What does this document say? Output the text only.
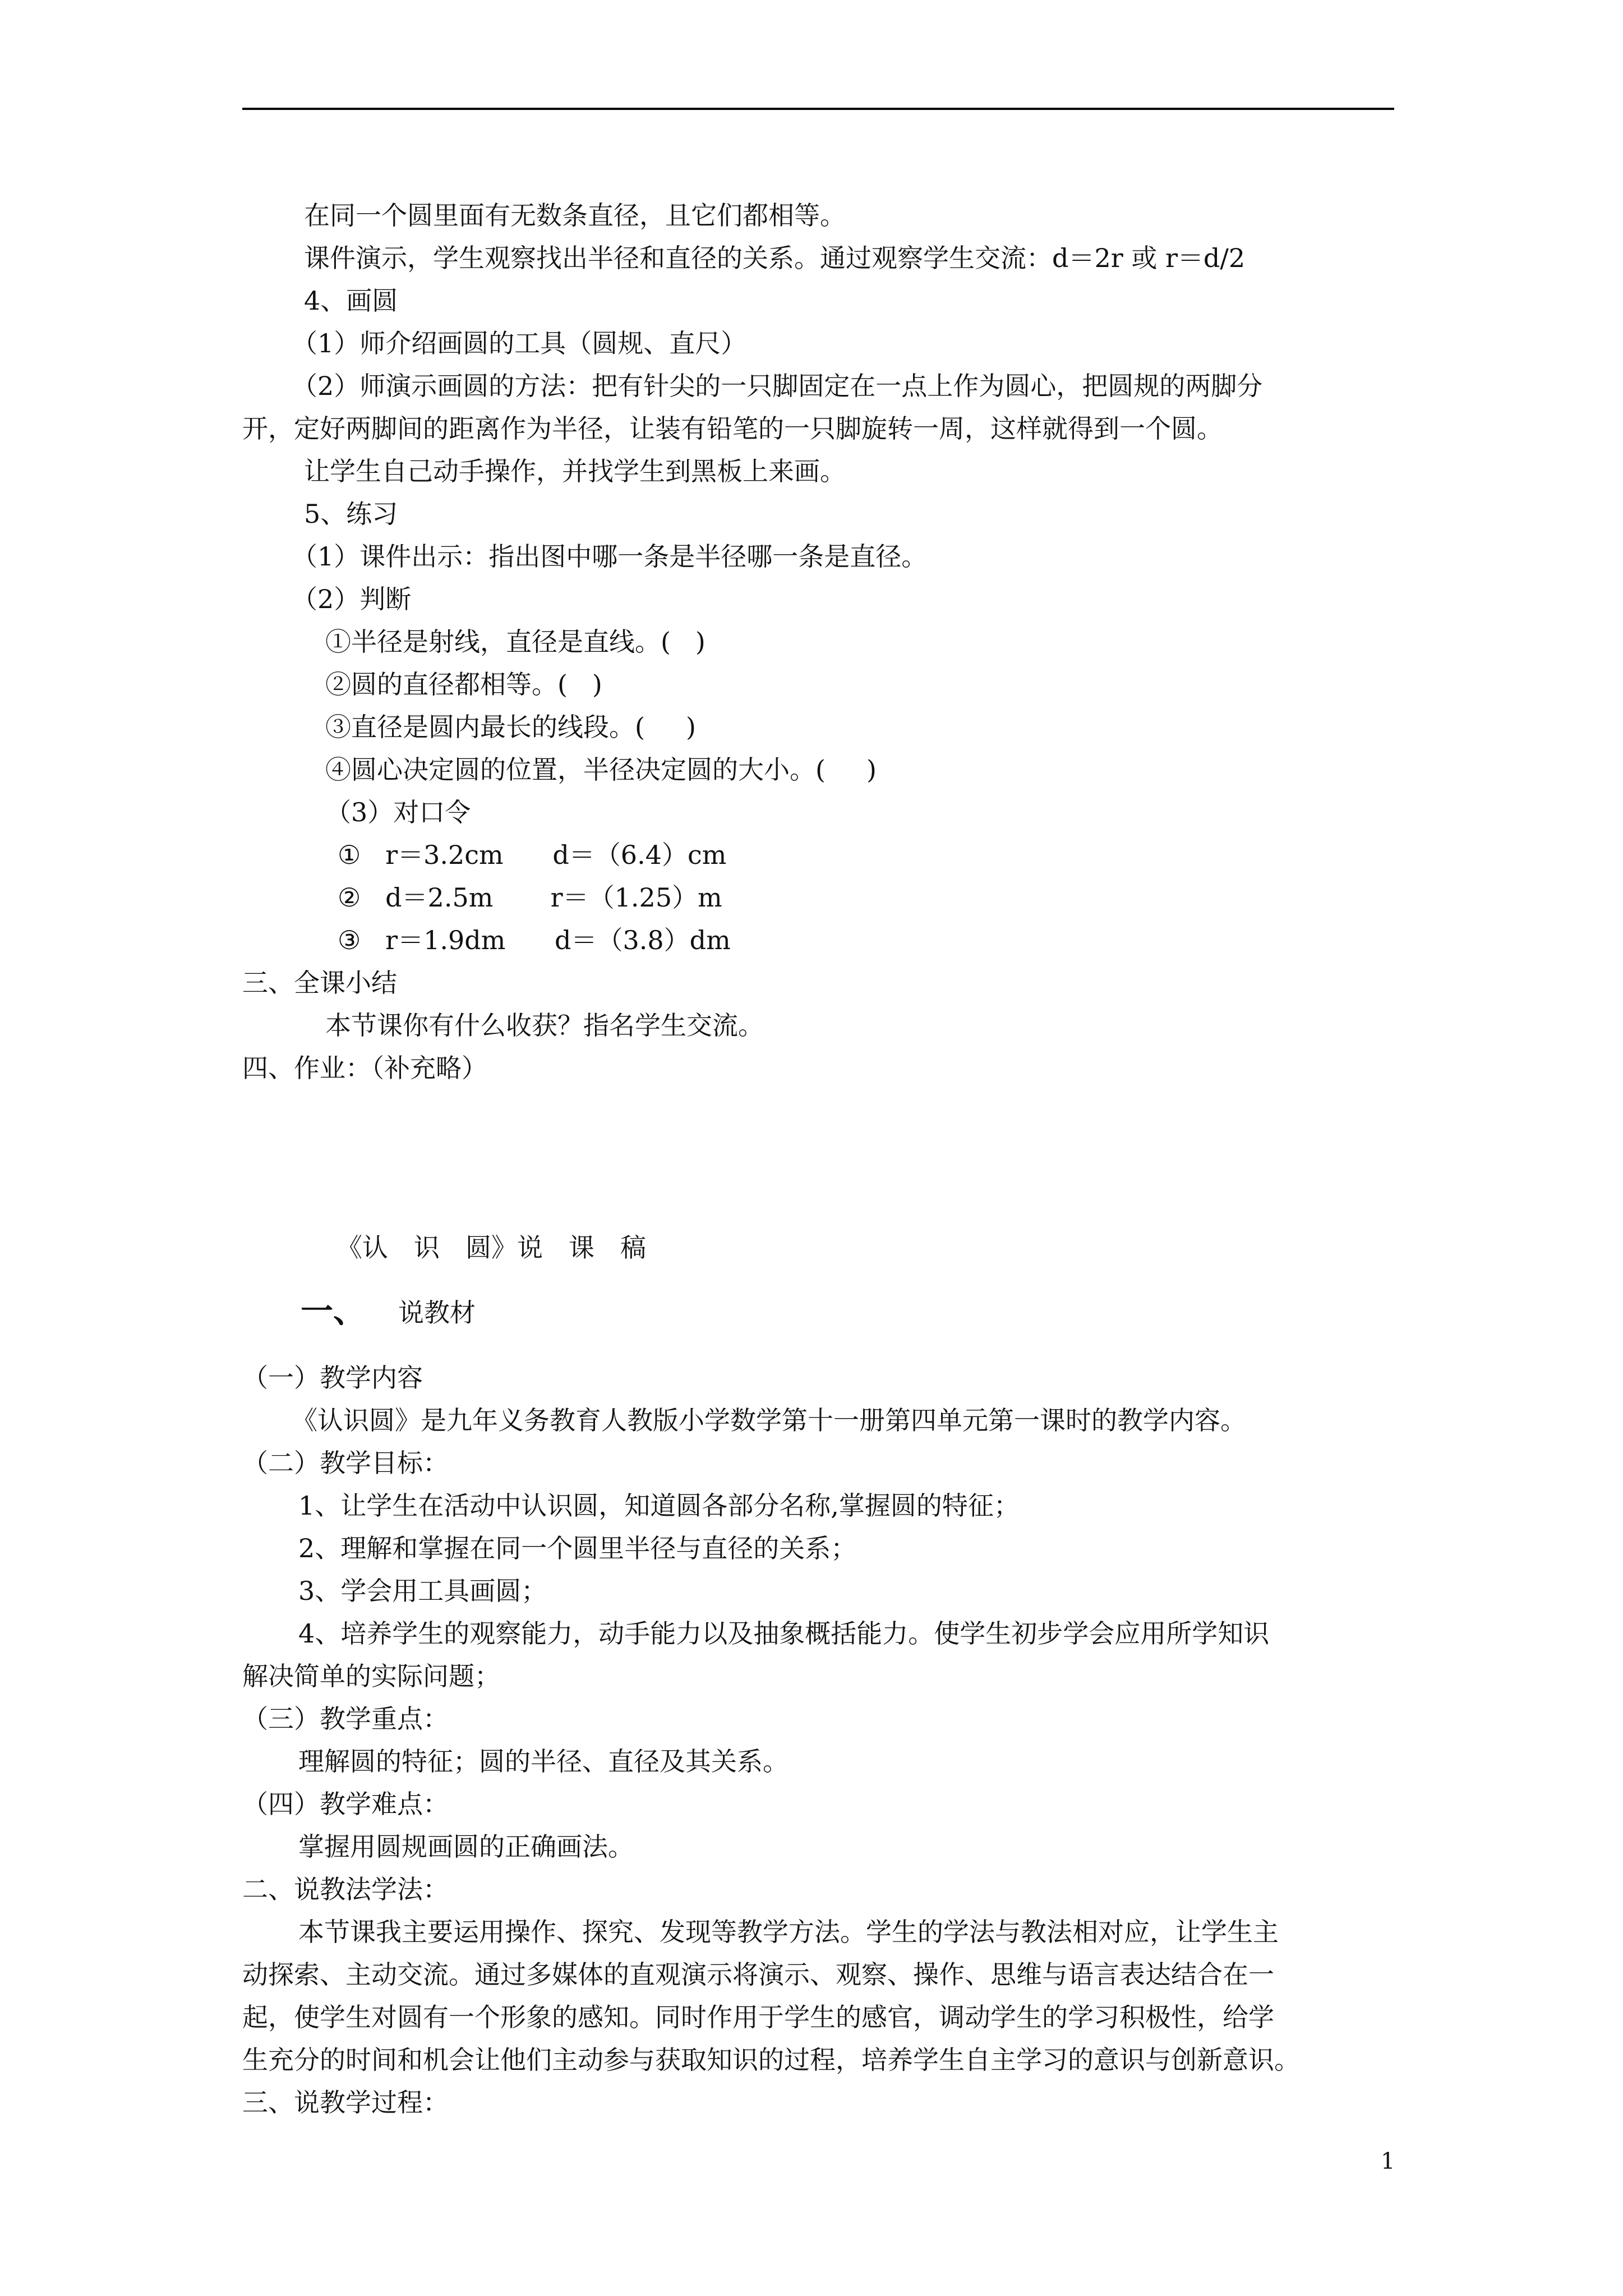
在同一个圆里面有无数条直径，且它们都相等。
课件演示，学生观察找出半径和直径的关系。通过观察学生交流：d＝2r 或 r＝d/2
4、画圆
（1）师介绍画圆的工具（圆规、直尺）
（2）师演示画圆的方法：把有针尖的一只脚固定在一点上作为圆心，把圆规的两脚分
开，定好两脚间的距离作为半径，让装有铅笔的一只脚旋转一周，这样就得到一个圆。
让学生自己动手操作，并找学生到黑板上来画。
5、练习
（1）课件出示：指出图中哪一条是半径哪一条是直径。
（2）判断
①半径是射线，直径是直线。(   )
②圆的直径都相等。(   )
③直径是圆内最长的线段。(     )
④圆心决定圆的位置，半径决定圆的大小。(     )
（3）对口令
①   r＝3.2cm      d＝（6.4）cm
②   d＝2.5m       r＝（1.25）m
③   r＝1.9dm      d＝（3.8）dm
三、全课小结
本节课你有什么收获？指名学生交流。
四、作业：（补充略）
《认　识　圆》说　课　稿
一、 说教材
（一）教学内容
《认识圆》是九年义务教育人教版小学数学第十一册第四单元第一课时的教学内容。
（二）教学目标：
1、让学生在活动中认识圆，知道圆各部分名称,掌握圆的特征；
2、理解和掌握在同一个圆里半径与直径的关系；
3、学会用工具画圆；
4、培养学生的观察能力，动手能力以及抽象概括能力。使学生初步学会应用所学知识
解决简单的实际问题；
（三）教学重点：
理解圆的特征；圆的半径、直径及其关系。
（四）教学难点：
掌握用圆规画圆的正确画法。
二、说教法学法：
本节课我主要运用操作、探究、发现等教学方法。学生的学法与教法相对应，让学生主
动探索、主动交流。通过多媒体的直观演示将演示、观察、操作、思维与语言表达结合在一
起，使学生对圆有一个形象的感知。同时作用于学生的感官，调动学生的学习积极性，给学
生充分的时间和机会让他们主动参与获取知识的过程，培养学生自主学习的意识与创新意识。
三、说教学过程：
1
